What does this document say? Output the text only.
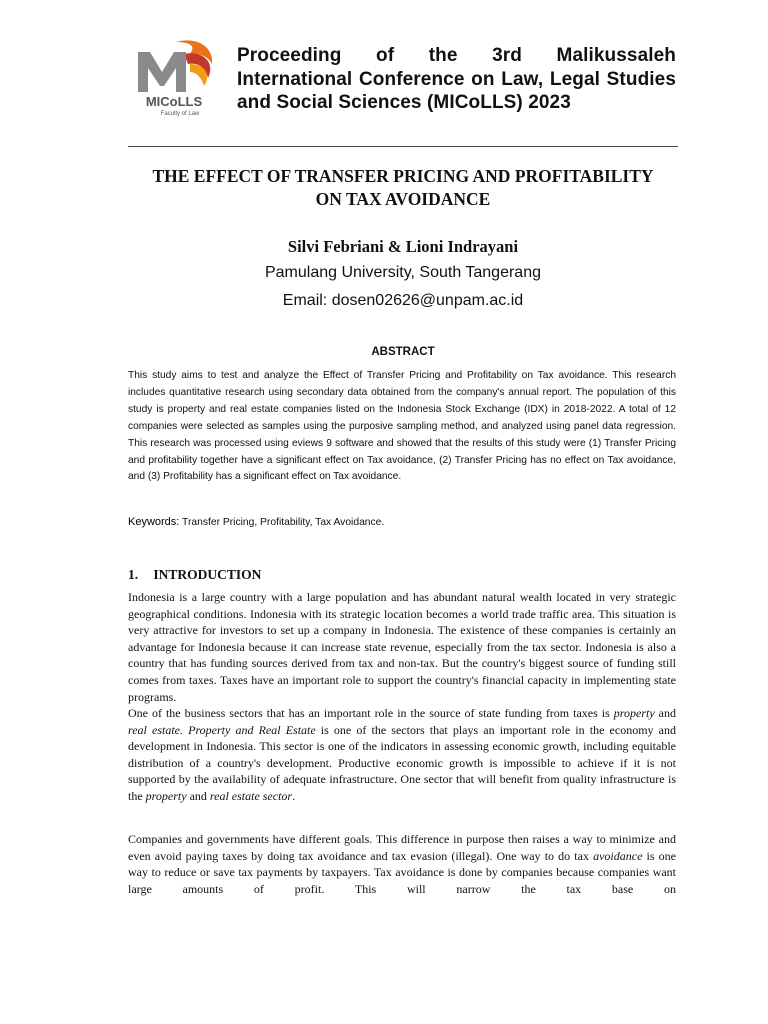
MICoLLS
Faculty of Law
Proceeding of the 3rd Malikussaleh International Conference on Law, Legal Studies and Social Sciences (MICoLLS) 2023
THE EFFECT OF TRANSFER PRICING AND PROFITABILITY
ON TAX AVOIDANCE
Silvi Febriani & Lioni Indrayani
Pamulang University, South Tangerang
Email: dosen02626@unpam.ac.id
ABSTRACT

This study aims to test and analyze the Effect of Transfer Pricing and Profitability on Tax avoidance. This research includes quantitative research using secondary data obtained from the company's annual report. The population of this study is property and real estate companies listed on the Indonesia Stock Exchange (IDX) in 2018-2022. A total of 12 companies were selected as samples using the purposive sampling method, and analyzed using panel data regression. This research was processed using eviews 9 software and showed that the results of this study were (1) Transfer Pricing and profitability together have a significant effect on Tax avoidance, (2) Transfer Pricing has no effect on Tax avoidance, and (3) Profitability has a significant effect on Tax avoidance.

Keywords: Transfer Pricing, Profitability, Tax Avoidance.
1. INTRODUCTION

Indonesia is a large country with a large population and has abundant natural wealth located in very strategic geographical conditions. Indonesia with its strategic location becomes a world trade traffic area. This situation is very attractive for investors to set up a company in Indonesia. The existence of these companies is certainly an advantage for Indonesia because it can increase state revenue, especially from the tax sector. Indonesia is also a country that has funding sources derived from tax and non-tax. But the country's biggest source of funding still comes from taxes. Taxes have an important role to support the country's financial capacity in implementing state programs.

One of the business sectors that has an important role in the source of state funding from taxes is property and real estate. Property and Real Estate is one of the sectors that plays an important role in the economy and development in Indonesia. This sector is one of the indicators in assessing economic growth, including equitable distribution of a country's development. Productive economic growth is impossible to achieve if it is not supported by the availability of adequate infrastructure. One sector that will benefit from quality infrastructure is the property and real estate sector.

Companies and governments have different goals. This difference in purpose then raises a way to minimize and even avoid paying taxes by doing tax avoidance and tax evasion (illegal). One way to do tax avoidance is one way to reduce or save tax payments by taxpayers. Tax avoidance is done by companies because companies want large amounts of profit. This will narrow the tax base on
